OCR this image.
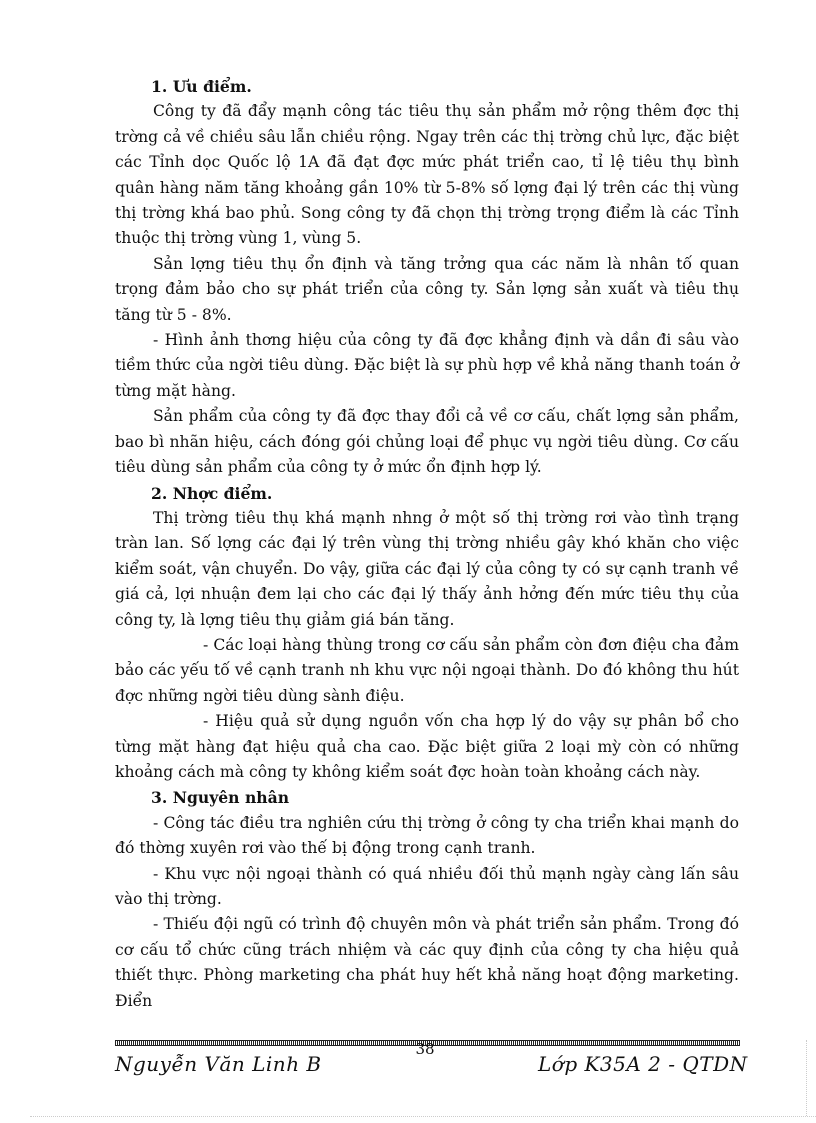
1. Ưu điểm.

Công ty đã đẩy mạnh công tác tiêu thụ sản phẩm mở rộng thêm đợc thị trờng cả về chiều sâu lẫn chiều rộng. Ngay trên các thị trờng chủ lực, đặc biệt các Tỉnh dọc Quốc lộ 1A đã đạt đợc mức phát triển cao, tỉ lệ tiêu thụ bình quân hàng năm tăng khoảng gần 10% từ 5-8% số lợng đại lý trên các thị vùng thị trờng khá bao phủ. Song công ty đã chọn thị trờng trọng điểm là các Tỉnh thuộc thị trờng vùng 1, vùng 5.

Sản lợng tiêu thụ ổn định và tăng trởng qua các năm là nhân tố quan trọng đảm bảo cho sự phát triển của công ty. Sản lợng sản xuất và tiêu thụ tăng từ 5 - 8%.

- Hình ảnh thơng hiệu của công ty đã đợc khẳng định và dần đi sâu vào tiềm thức của ngời tiêu dùng. Đặc biệt là sự phù hợp về khả năng thanh toán ở từng mặt hàng.

Sản phẩm của công ty đã đợc thay đổi cả về cơ cấu, chất lợng sản phẩm, bao bì nhãn hiệu, cách đóng gói chủng loại để phục vụ ngời tiêu dùng. Cơ cấu tiêu dùng sản phẩm của công ty ở mức ổn định hợp lý.

2. Nhợc điểm.

Thị trờng tiêu thụ khá mạnh nhng ở một số thị trờng rơi vào tình trạng tràn lan. Số lợng các đại lý trên vùng thị trờng nhiều gây khó khăn cho việc kiểm soát, vận chuyển. Do vậy, giữa các đại lý của công ty có sự cạnh tranh về giá cả, lợi nhuận đem lại cho các đại lý thấy ảnh hởng đến mức tiêu thụ của công ty, là lợng tiêu thụ giảm giá bán tăng.

- Các loại hàng thùng trong cơ cấu sản phẩm còn đơn điệu cha đảm bảo các yếu tố về cạnh tranh nh khu vực nội ngoại thành. Do đó không thu hút đợc những ngời tiêu dùng sành điệu.

- Hiệu quả sử dụng nguồn vốn cha hợp lý do vậy sự phân bổ cho từng mặt hàng đạt hiệu quả cha cao. Đặc biệt giữa 2 loại mỳ còn có những khoảng cách mà công ty không kiểm soát đợc hoàn toàn khoảng cách này.

3. Nguyên nhân

- Công tác điều tra nghiên cứu thị trờng ở công ty cha triển khai mạnh do đó thờng xuyên rơi vào thế bị động trong cạnh tranh.

- Khu vực nội ngoại thành có quá nhiều đối thủ mạnh ngày càng lấn sâu vào thị trờng.

- Thiếu đội ngũ có trình độ chuyên môn và phát triển sản phẩm. Trong đó cơ cấu tổ chức cũng trách nhiệm và các quy định của công ty cha hiệu quả thiết thực. Phòng marketing cha phát huy hết khả năng hoạt động marketing. Điển

38
Nguyễn Văn Linh B	Lớp K35A 2 - QTDN
